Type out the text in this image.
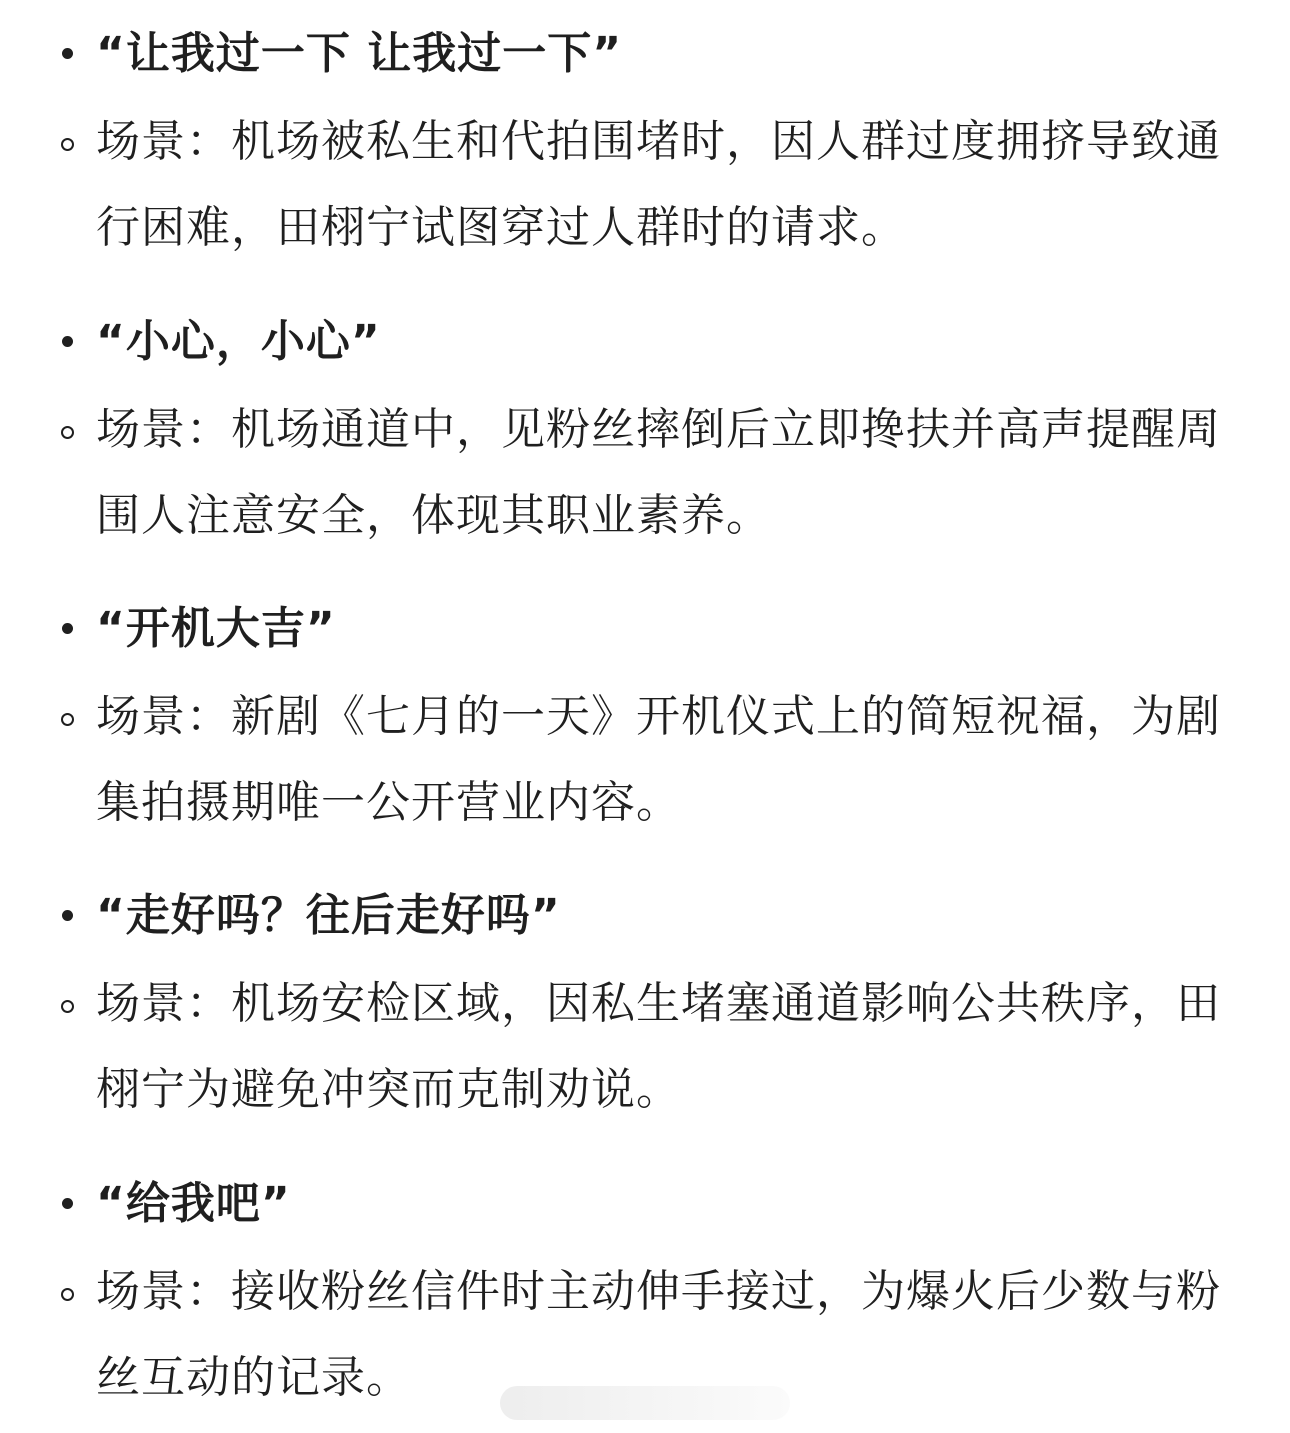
“让我过一下 让我过一下”
场景：机场被私生和代拍围堵时，因人群过度拥挤导致通行困难，田栩宁试图穿过人群时的请求。
“小心，小心”
场景：机场通道中，见粉丝摔倒后立即搀扶并高声提醒周围人注意安全，体现其职业素养。
“开机大吉”
场景：新剧《七月的一天》开机仪式上的简短祝福，为剧集拍摄期唯一公开营业内容。
“走好吗？往后走好吗”
场景：机场安检区域，因私生堵塞通道影响公共秩序，田栩宁为避免冲突而克制劝说。
“给我吧”
场景：接收粉丝信件时主动伸手接过，为爆火后少数与粉丝互动的记录。
